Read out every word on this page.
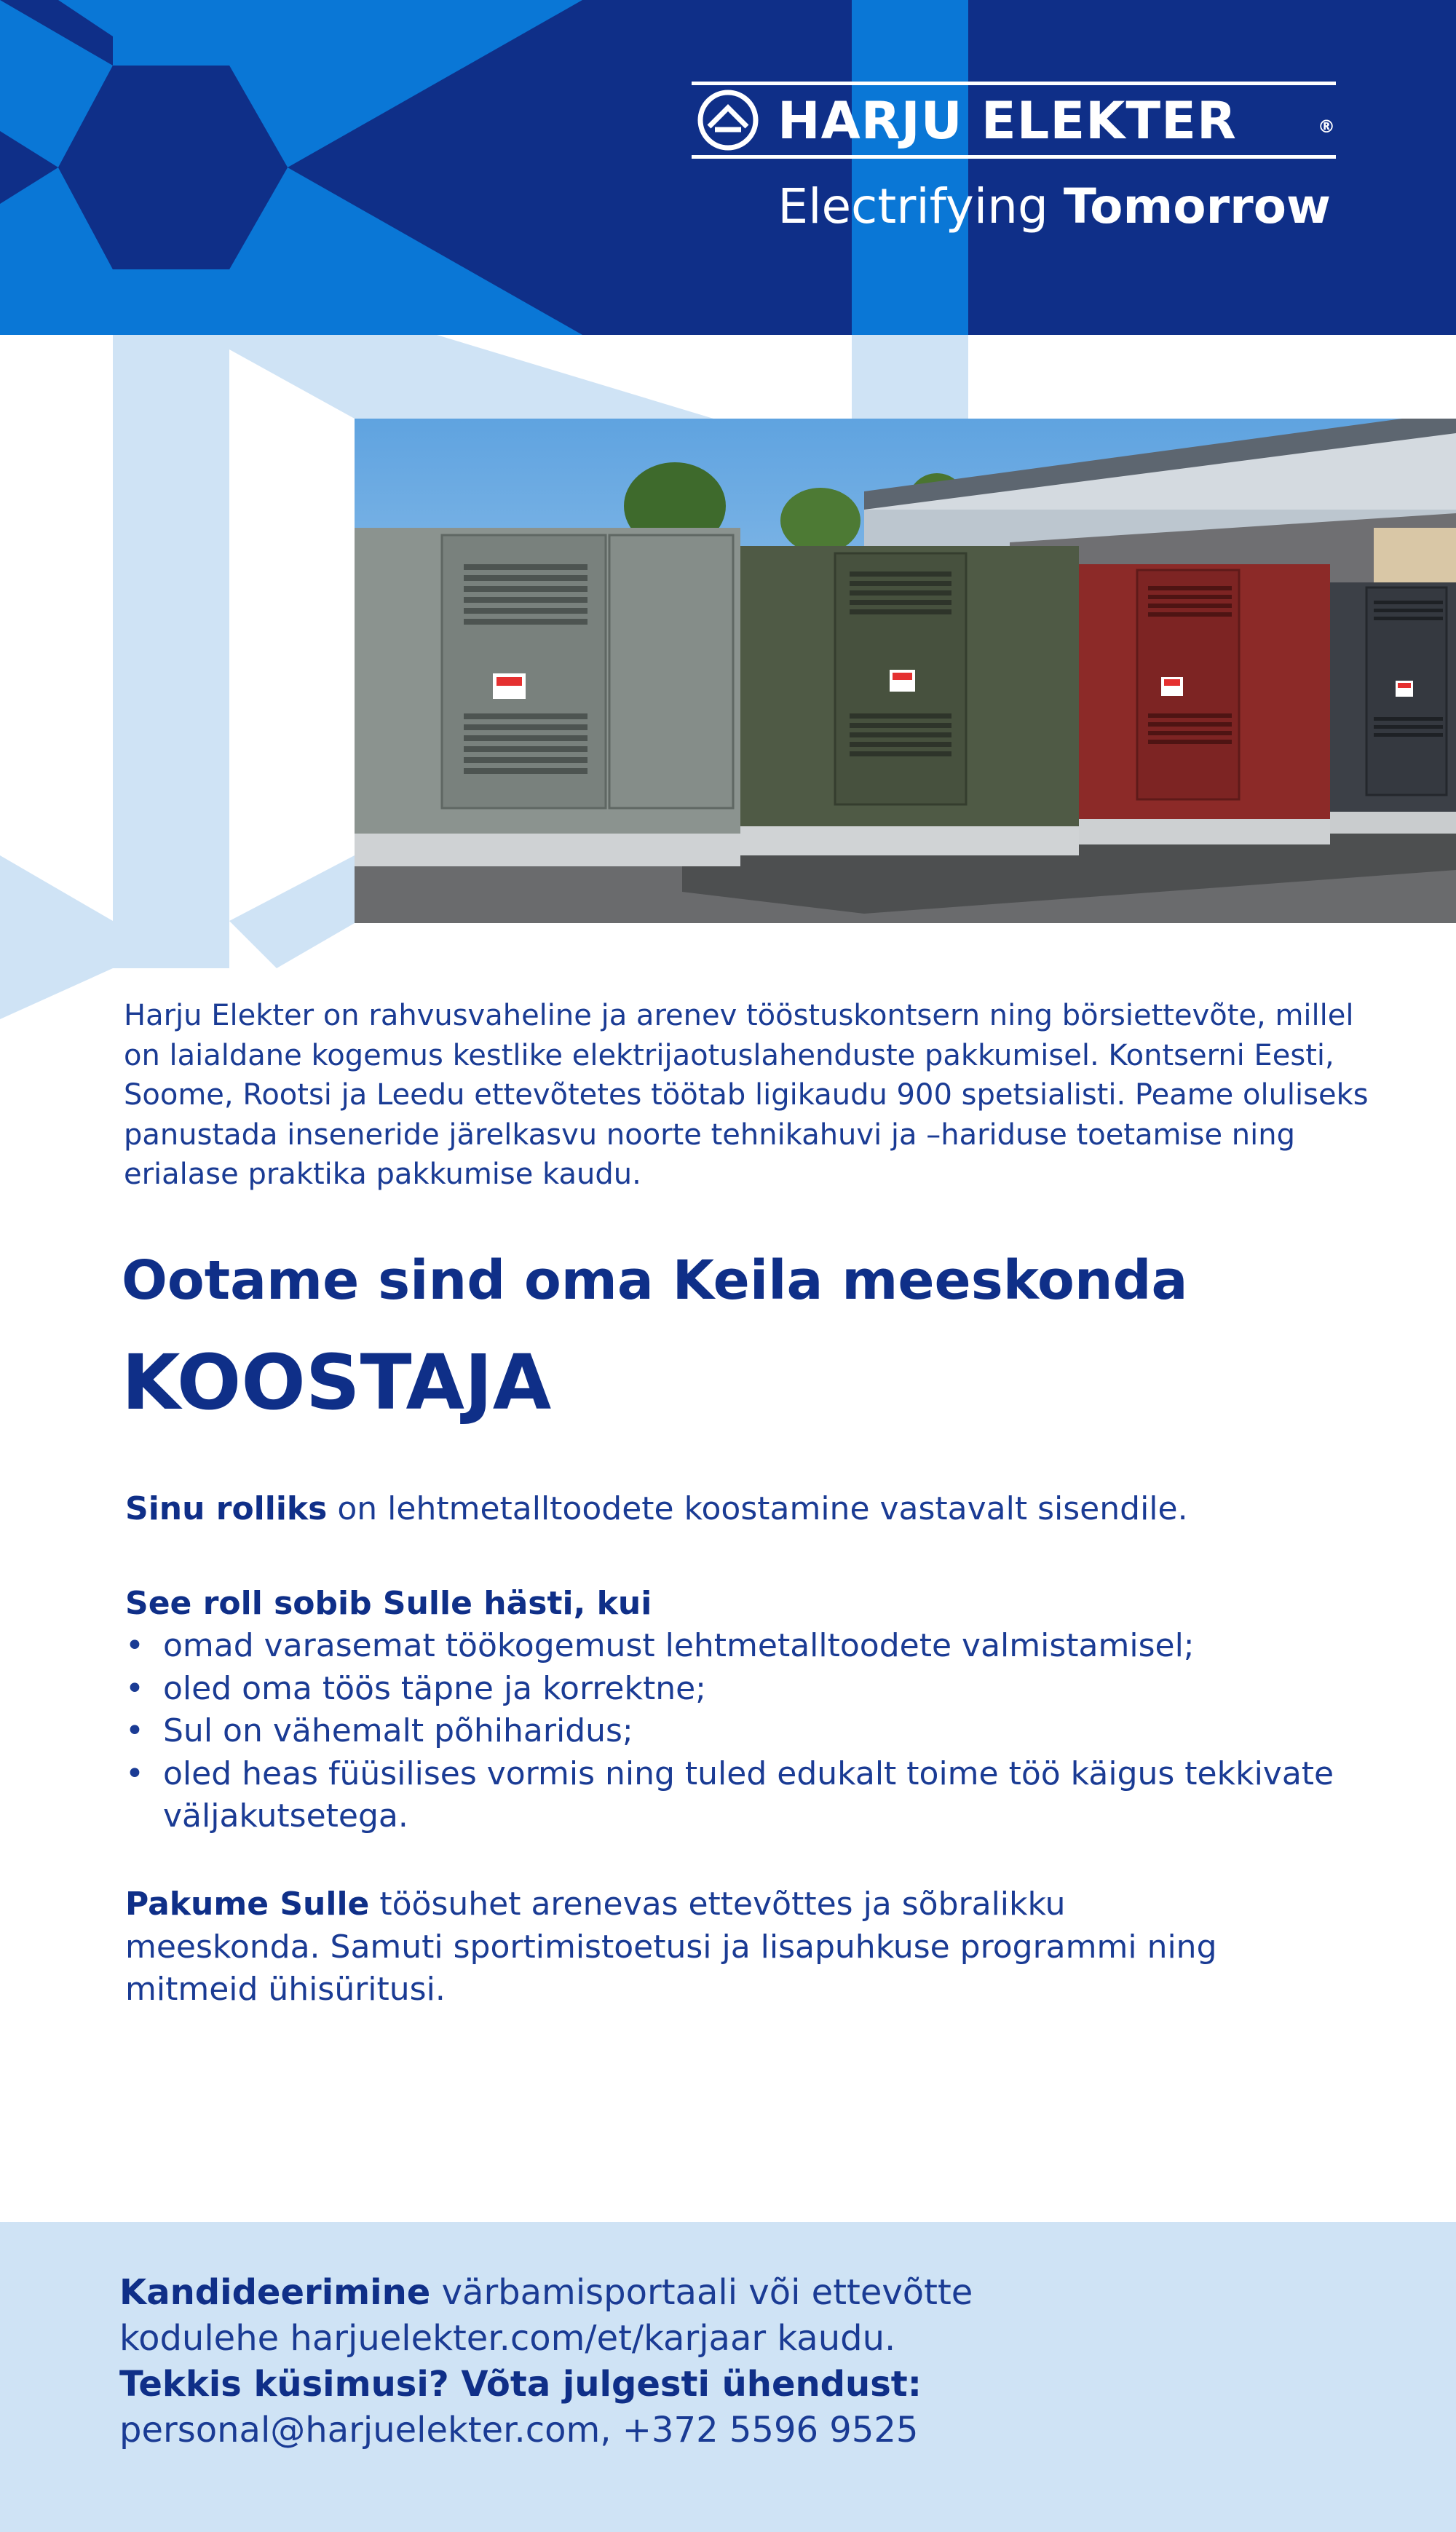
HARJU ELEKTER	®
Electrifying Tomorrow
Harju Elekter on rahvusvaheline ja arenev tööstuskontsern ning börsiettevõte, millel on laialdane kogemus kestlike elektrijaotuslahenduste pakkumisel. Kontserni Eesti, Soome, Rootsi ja Leedu ettevõtetes töötab ligikaudu 900 spetsialisti. Peame oluliseks panustada inseneride järelkasvu noorte tehnikahuvi ja –hariduse toetamise ning erialase praktika pakkumise kaudu.
Ootame sind oma Keila meeskonda
KOOSTAJA
Sinu rolliks on lehtmetalltoodete koostamine vastavalt sisendile.
See roll sobib Sulle hästi, kui
• omad varasemat töökogemust lehtmetalltoodete valmistamisel;
• oled oma töös täpne ja korrektne;
• Sul on vähemalt põhiharidus;
• oled heas füüsilises vormis ning tuled edukalt toime töö käigus tekkivate väljakutsetega.
Pakume Sulle töösuhet arenevas ettevõttes ja sõbralikku
meeskonda. Samuti sportimistoetusi ja lisapuhkuse programmi ning mitmeid ühisüritusi.
Kandideerimine värbamisportaali või ettevõtte
kodulehe harjuelekter.com/et/karjaar kaudu.
Tekkis küsimusi? Võta julgesti ühendust:
personal@harjuelekter.com, +372 5596 9525
